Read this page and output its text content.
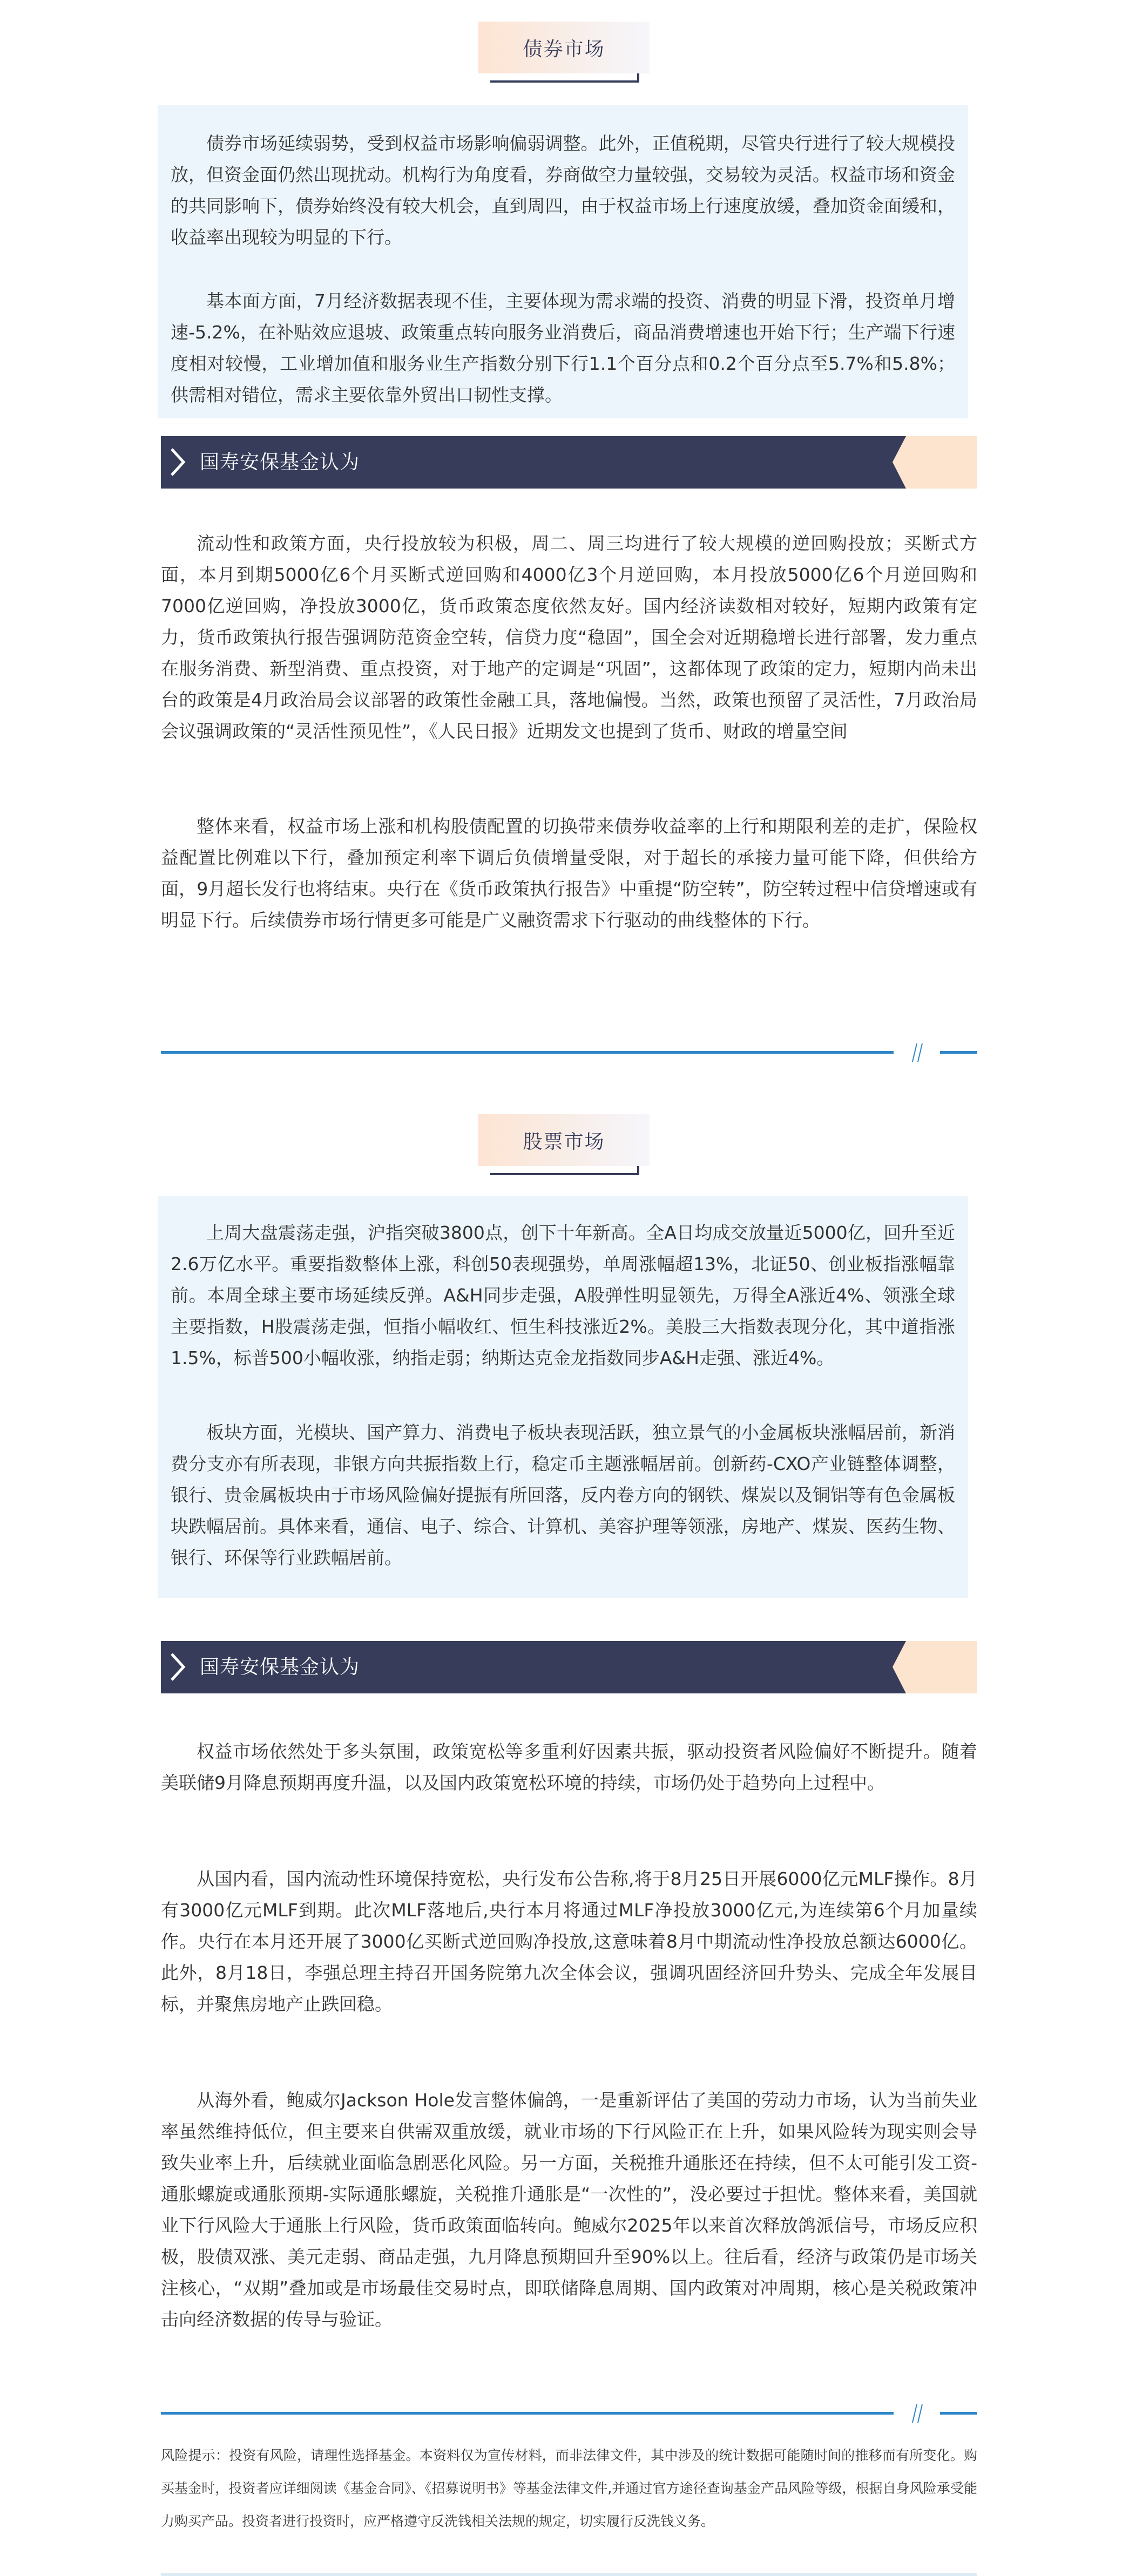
债券市场

债券市场延续弱势，受到权益市场影响偏弱调整。此外，正值税期，尽管央行进行了较大规模投放，但资金面仍然出现扰动。机构行为角度看，券商做空力量较强，交易较为灵活。权益市场和资金的共同影响下，债券始终没有较大机会，直到周四，由于权益市场上行速度放缓，叠加资金面缓和，收益率出现较为明显的下行。

基本面方面，7月经济数据表现不佳，主要体现为需求端的投资、消费的明显下滑，投资单月增速-5.2%，在补贴效应退坡、政策重点转向服务业消费后，商品消费增速也开始下行；生产端下行速度相对较慢，工业增加值和服务业生产指数分别下行1.1个百分点和0.2个百分点至5.7%和5.8%；供需相对错位，需求主要依靠外贸出口韧性支撑。

国寿安保基金认为

流动性和政策方面，央行投放较为积极，周二、周三均进行了较大规模的逆回购投放；买断式方面，本月到期5000亿6个月买断式逆回购和4000亿3个月逆回购，本月投放5000亿6个月逆回购和7000亿逆回购，净投放3000亿，货币政策态度依然友好。国内经济读数相对较好，短期内政策有定力，货币政策执行报告强调防范资金空转，信贷力度“稳固”，国全会对近期稳增长进行部署，发力重点在服务消费、新型消费、重点投资，对于地产的定调是“巩固”，这都体现了政策的定力，短期内尚未出台的政策是4月政治局会议部署的政策性金融工具，落地偏慢。当然，政策也预留了灵活性，7月政治局会议强调政策的“灵活性预见性”，《人民日报》近期发文也提到了货币、财政的增量空间

整体来看，权益市场上涨和机构股债配置的切换带来债券收益率的上行和期限利差的走扩，保险权益配置比例难以下行，叠加预定利率下调后负债增量受限，对于超长的承接力量可能下降，但供给方面，9月超长发行也将结束。央行在《货币政策执行报告》中重提“防空转”，防空转过程中信贷增速或有明显下行。后续债券市场行情更多可能是广义融资需求下行驱动的曲线整体的下行。

股票市场

上周大盘震荡走强，沪指突破3800点，创下十年新高。全A日均成交放量近5000亿，回升至近2.6万亿水平。重要指数整体上涨，科创50表现强势，单周涨幅超13%，北证50、创业板指涨幅靠前。本周全球主要市场延续反弹。A&H同步走强，A股弹性明显领先，万得全A涨近4%、领涨全球主要指数，H股震荡走强，恒指小幅收红、恒生科技涨近2%。美股三大指数表现分化，其中道指涨1.5%，标普500小幅收涨，纳指走弱；纳斯达克金龙指数同步A&H走强、涨近4%。

板块方面，光模块、国产算力、消费电子板块表现活跃，独立景气的小金属板块涨幅居前，新消费分支亦有所表现，非银方向共振指数上行，稳定币主题涨幅居前。创新药-CXO产业链整体调整，银行、贵金属板块由于市场风险偏好提振有所回落，反内卷方向的钢铁、煤炭以及铜铝等有色金属板块跌幅居前。具体来看，通信、电子、综合、计算机、美容护理等领涨，房地产、煤炭、医药生物、银行、环保等行业跌幅居前。

国寿安保基金认为

权益市场依然处于多头氛围，政策宽松等多重利好因素共振，驱动投资者风险偏好不断提升。随着美联储9月降息预期再度升温，以及国内政策宽松环境的持续，市场仍处于趋势向上过程中。

从国内看，国内流动性环境保持宽松，央行发布公告称,将于8月25日开展6000亿元MLF操作。8月有3000亿元MLF到期。此次MLF落地后,央行本月将通过MLF净投放3000亿元,为连续第6个月加量续作。央行在本月还开展了3000亿买断式逆回购净投放,这意味着8月中期流动性净投放总额达6000亿。此外，8月18日，李强总理主持召开国务院第九次全体会议，强调巩固经济回升势头、完成全年发展目标，并聚焦房地产止跌回稳。

从海外看，鲍威尔Jackson Hole发言整体偏鸽，一是重新评估了美国的劳动力市场，认为当前失业率虽然维持低位，但主要来自供需双重放缓，就业市场的下行风险正在上升，如果风险转为现实则会导致失业率上升，后续就业面临急剧恶化风险。另一方面，关税推升通胀还在持续，但不太可能引发工资-通胀螺旋或通胀预期-实际通胀螺旋，关税推升通胀是“一次性的”，没必要过于担忧。整体来看，美国就业下行风险大于通胀上行风险，货币政策面临转向。鲍威尔2025年以来首次释放鸽派信号，市场反应积极，股债双涨、美元走弱、商品走强，九月降息预期回升至90%以上。往后看，经济与政策仍是市场关注核心，“双期”叠加或是市场最佳交易时点，即联储降息周期、国内政策对冲周期，核心是关税政策冲击向经济数据的传导与验证。

风险提示：投资有风险，请理性选择基金。本资料仅为宣传材料，而非法律文件，其中涉及的统计数据可能随时间的推移而有所变化。购买基金时，投资者应详细阅读《基金合同》、《招募说明书》等基金法律文件,并通过官方途径查询基金产品风险等级，根据自身风险承受能力购买产品。投资者进行投资时，应严格遵守反洗钱相关法规的规定，切实履行反洗钱义务。
